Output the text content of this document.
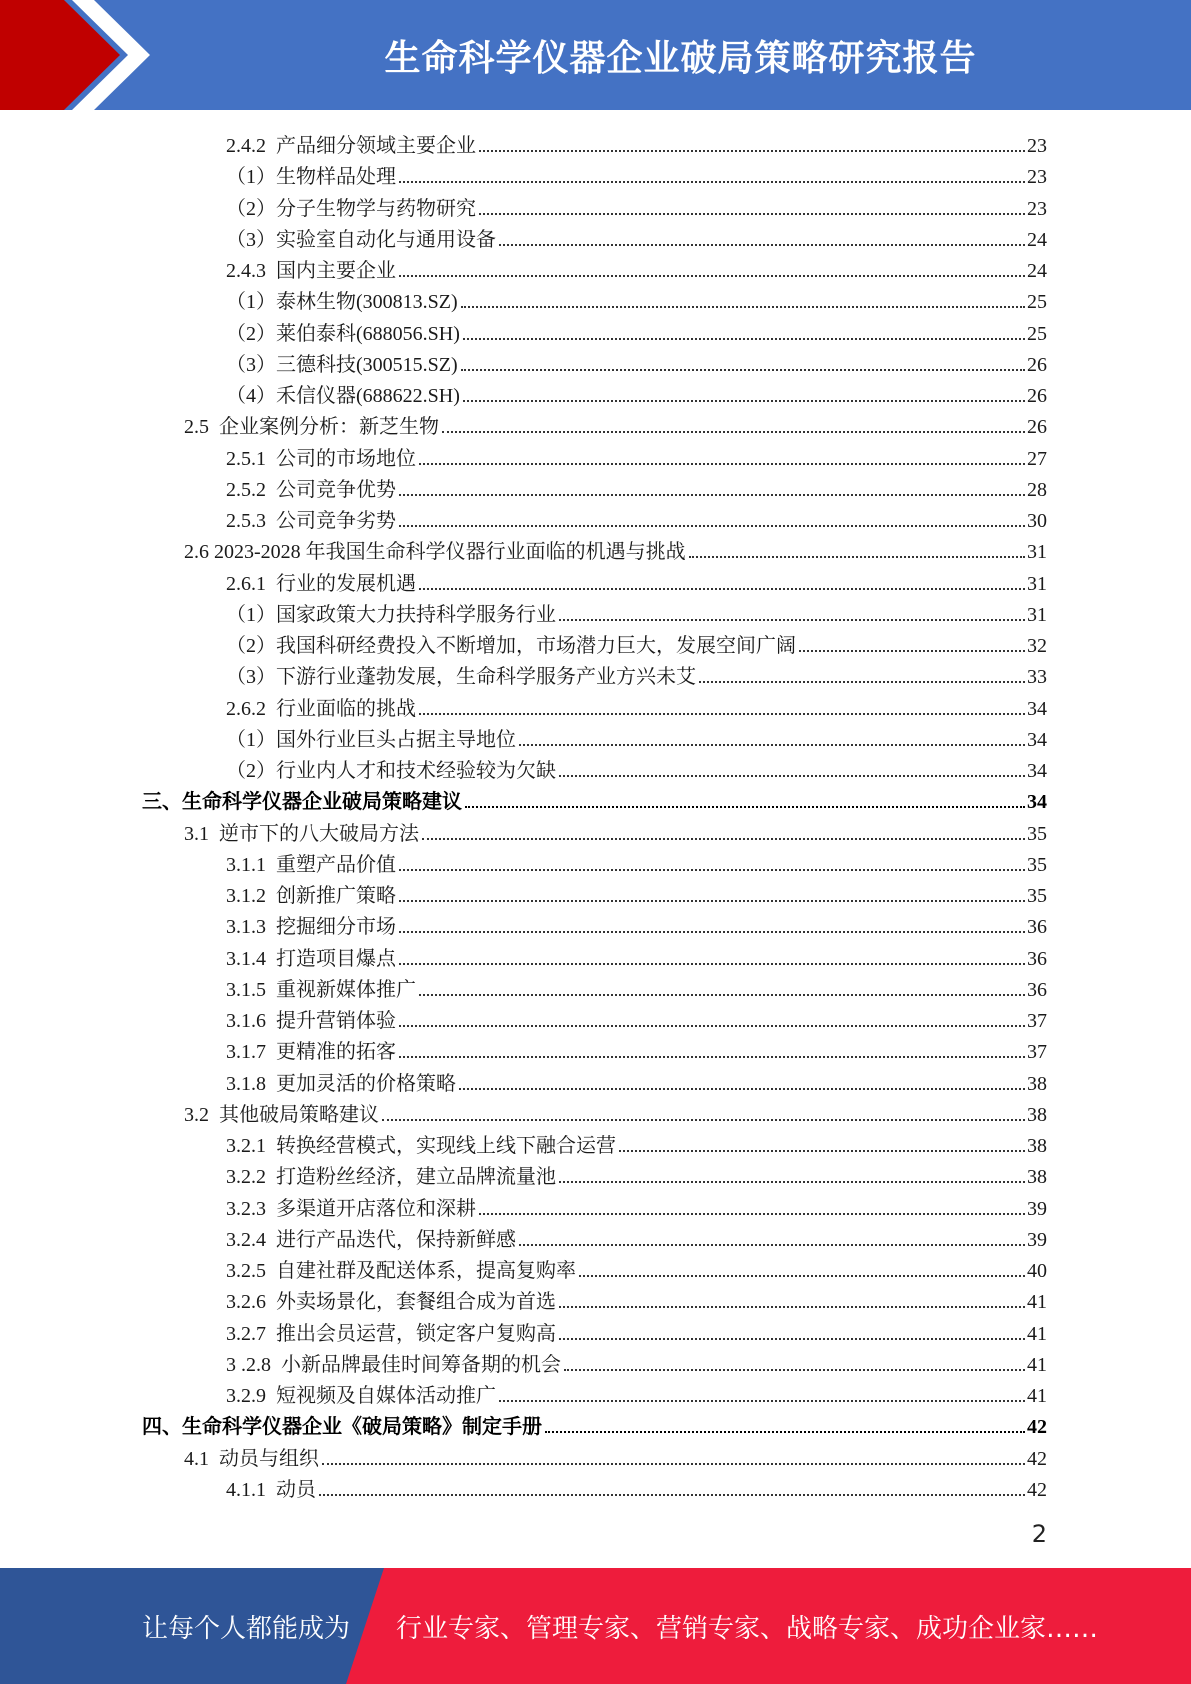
生命科学仪器企业破局策略研究报告
2.4.2  产品细分领域主要企业	23
（1）生物样品处理	23
（2）分子生物学与药物研究	23
（3）实验室自动化与通用设备	24
2.4.3  国内主要企业	24
（1）泰林生物(300813.SZ)	25
（2）莱伯泰科(688056.SH)	25
（3）三德科技(300515.SZ)	26
（4）禾信仪器(688622.SH)	26
2.5  企业案例分析：新芝生物	26
2.5.1  公司的市场地位	27
2.5.2  公司竞争优势	28
2.5.3  公司竞争劣势	30
2.6 2023-2028 年我国生命科学仪器行业面临的机遇与挑战	31
2.6.1  行业的发展机遇	31
（1）国家政策大力扶持科学服务行业	31
（2）我国科研经费投入不断增加，市场潜力巨大，发展空间广阔	32
（3）下游行业蓬勃发展，生命科学服务产业方兴未艾	33
2.6.2  行业面临的挑战	34
（1）国外行业巨头占据主导地位	34
（2）行业内人才和技术经验较为欠缺	34
三、生命科学仪器企业破局策略建议	34
3.1  逆市下的八大破局方法	35
3.1.1  重塑产品价值	35
3.1.2  创新推广策略	35
3.1.3  挖掘细分市场	36
3.1.4  打造项目爆点	36
3.1.5  重视新媒体推广	36
3.1.6  提升营销体验	37
3.1.7  更精准的拓客	37
3.1.8  更加灵活的价格策略	38
3.2  其他破局策略建议	38
3.2.1  转换经营模式，实现线上线下融合运营	38
3.2.2  打造粉丝经济，建立品牌流量池	38
3.2.3  多渠道开店落位和深耕	39
3.2.4  进行产品迭代，保持新鲜感	39
3.2.5  自建社群及配送体系，提高复购率	40
3.2.6  外卖场景化，套餐组合成为首选	41
3.2.7  推出会员运营，锁定客户复购高	41
3 .2.8  小新品牌最佳时间筹备期的机会	41
3.2.9  短视频及自媒体活动推广	41
四、生命科学仪器企业《破局策略》制定手册	42
4.1  动员与组织	42
4.1.1  动员	42
2
让每个人都能成为 行业专家、管理专家、营销专家、战略专家、成功企业家……
